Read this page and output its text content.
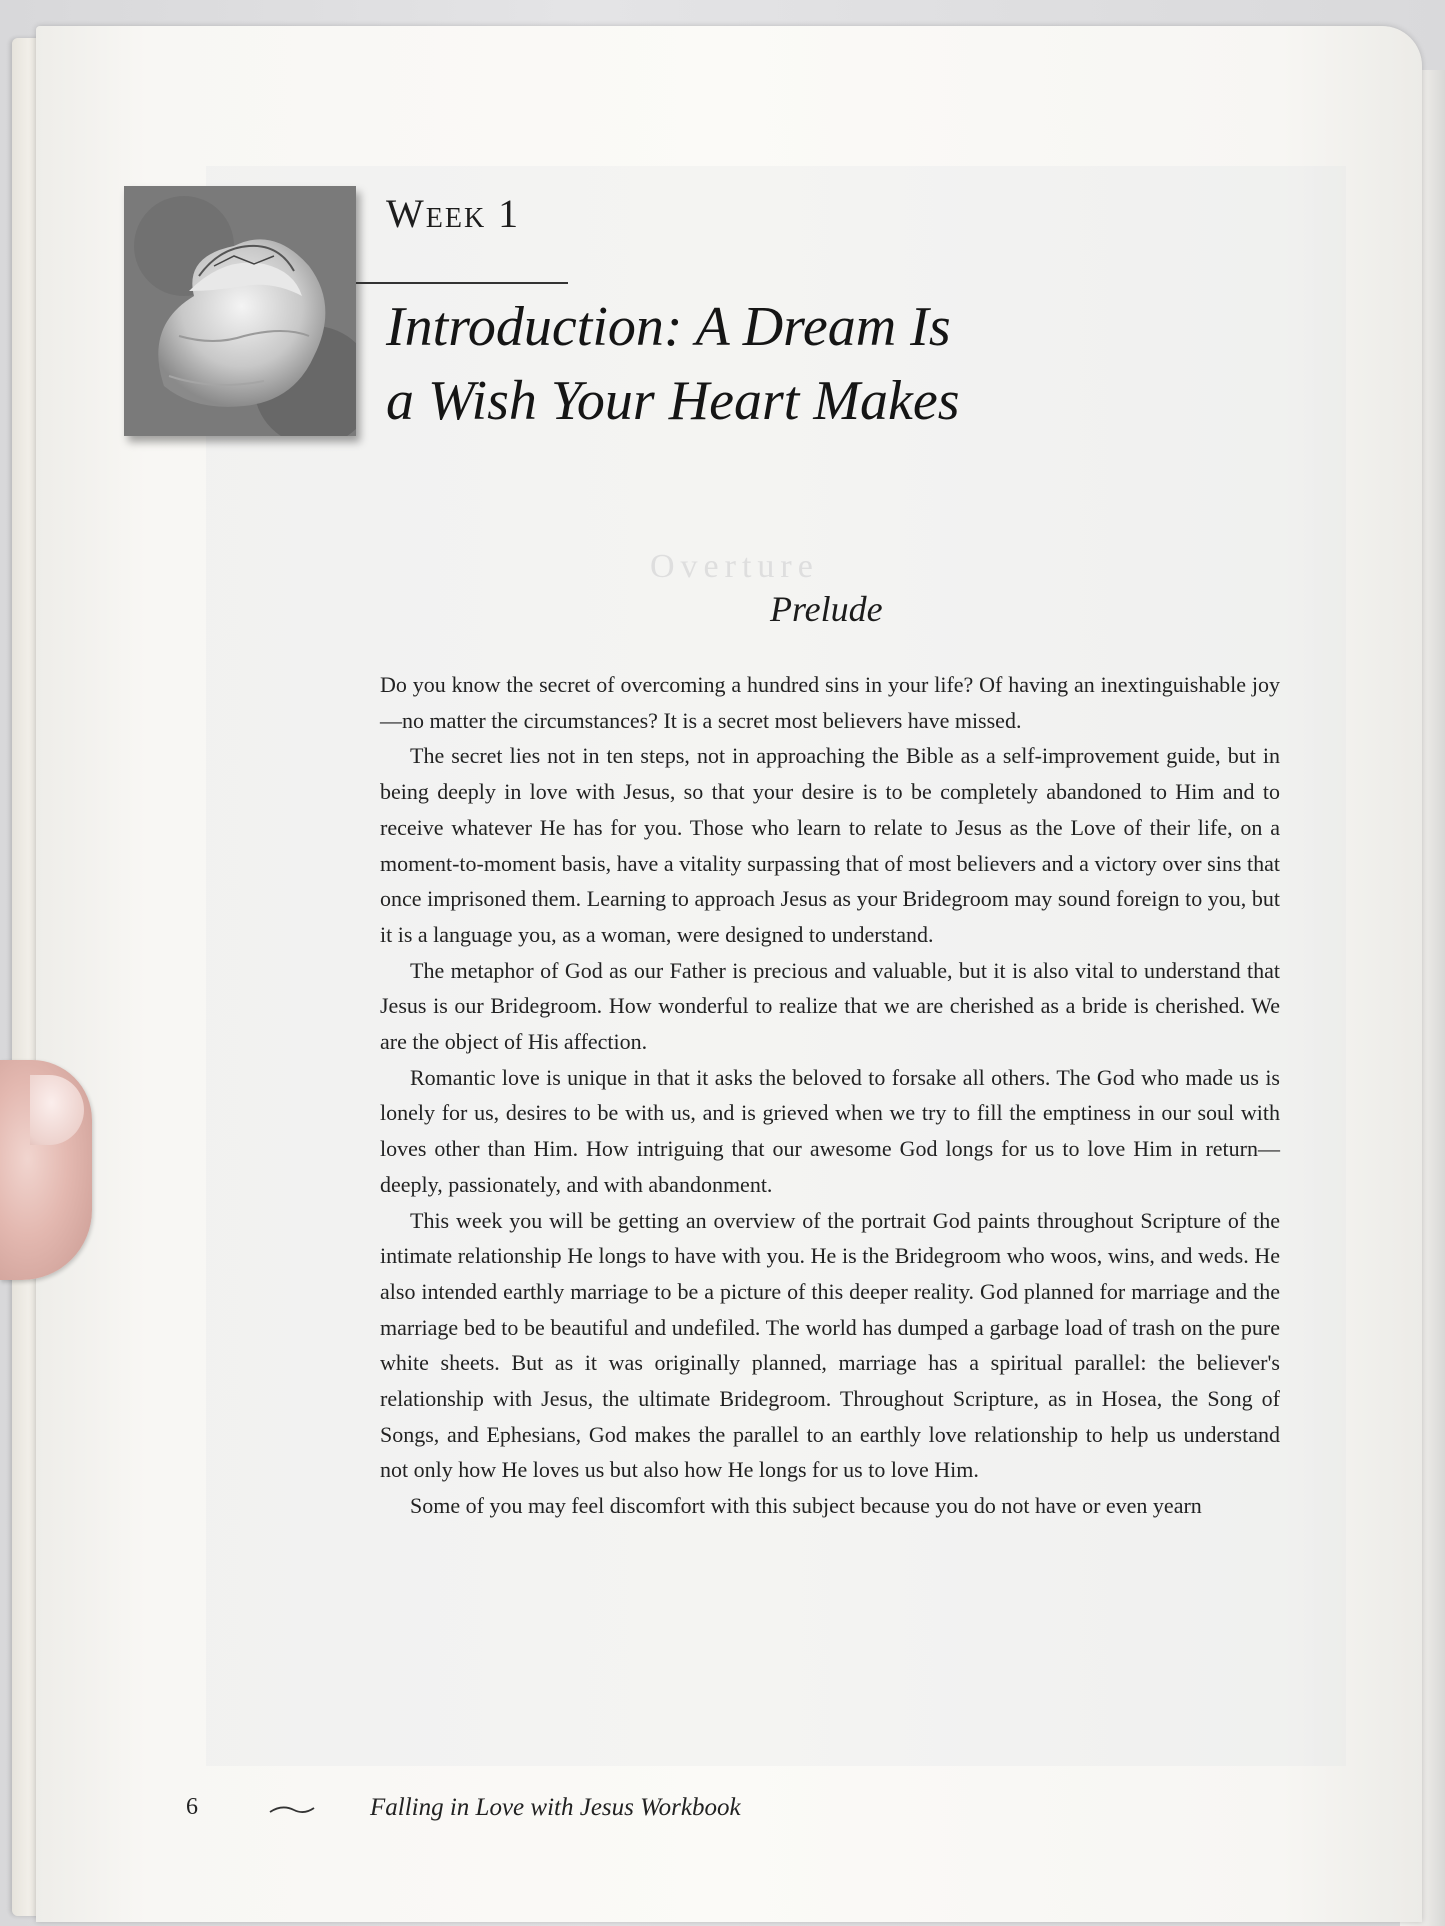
Week 1
Introduction: A Dream Is
a Wish Your Heart Makes
Overture
Prelude

Do you know the secret of overcoming a hundred sins in your life? Of having an inextinguishable joy—no matter the circumstances? It is a secret most believers have missed.

The secret lies not in ten steps, not in approaching the Bible as a self-improvement guide, but in being deeply in love with Jesus, so that your desire is to be completely abandoned to Him and to receive whatever He has for you. Those who learn to relate to Jesus as the Love of their life, on a moment-to-moment basis, have a vitality surpassing that of most believers and a victory over sins that once imprisoned them. Learning to approach Jesus as your Bridegroom may sound foreign to you, but it is a language you, as a woman, were designed to understand.

The metaphor of God as our Father is precious and valuable, but it is also vital to understand that Jesus is our Bridegroom. How wonderful to realize that we are cherished as a bride is cherished. We are the object of His affection.

Romantic love is unique in that it asks the beloved to forsake all others. The God who made us is lonely for us, desires to be with us, and is grieved when we try to fill the emptiness in our soul with loves other than Him. How intriguing that our awesome God longs for us to love Him in return—deeply, passionately, and with abandonment.

This week you will be getting an overview of the portrait God paints throughout Scripture of the intimate relationship He longs to have with you. He is the Bridegroom who woos, wins, and weds. He also intended earthly marriage to be a picture of this deeper reality. God planned for marriage and the marriage bed to be beautiful and undefiled. The world has dumped a garbage load of trash on the pure white sheets. But as it was originally planned, marriage has a spiritual parallel: the believer's relationship with Jesus, the ultimate Bridegroom. Throughout Scripture, as in Hosea, the Song of Songs, and Ephesians, God makes the parallel to an earthly love relationship to help us understand not only how He loves us but also how He longs for us to love Him.

Some of you may feel discomfort with this subject because you do not have or even yearn

6	Falling in Love with Jesus Workbook
